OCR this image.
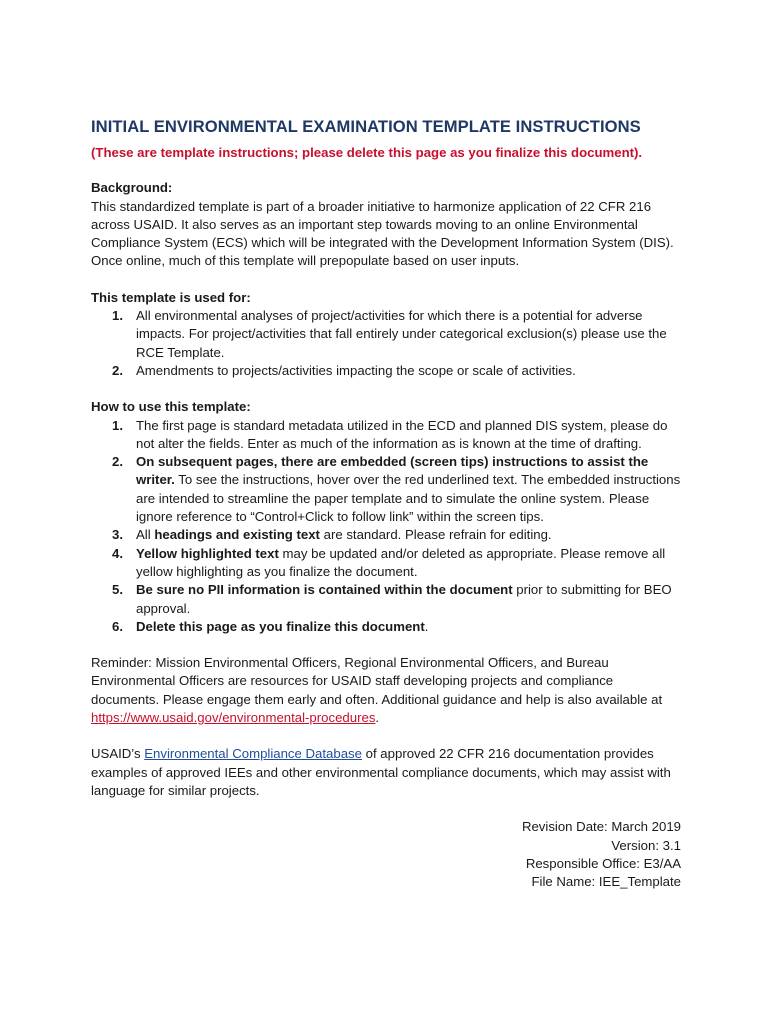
INITIAL ENVIRONMENTAL EXAMINATION TEMPLATE INSTRUCTIONS

(These are template instructions; please delete this page as you finalize this document).

Background:

This standardized template is part of a broader initiative to harmonize application of 22 CFR 216 across USAID. It also serves as an important step towards moving to an online Environmental Compliance System (ECS) which will be integrated with the Development Information System (DIS). Once online, much of this template will prepopulate based on user inputs.

This template is used for:

1. All environmental analyses of project/activities for which there is a potential for adverse impacts. For project/activities that fall entirely under categorical exclusion(s) please use the RCE Template.
2. Amendments to projects/activities impacting the scope or scale of activities.

How to use this template:

1. The first page is standard metadata utilized in the ECD and planned DIS system, please do not alter the fields. Enter as much of the information as is known at the time of drafting.
2. On subsequent pages, there are embedded (screen tips) instructions to assist the writer. To see the instructions, hover over the red underlined text. The embedded instructions are intended to streamline the paper template and to simulate the online system. Please ignore reference to “Control+Click to follow link” within the screen tips.
3. All headings and existing text are standard. Please refrain for editing.
4. Yellow highlighted text may be updated and/or deleted as appropriate. Please remove all yellow highlighting as you finalize the document.
5. Be sure no PII information is contained within the document prior to submitting for BEO approval.
6. Delete this page as you finalize this document.

Reminder: Mission Environmental Officers, Regional Environmental Officers, and Bureau Environmental Officers are resources for USAID staff developing projects and compliance documents. Please engage them early and often. Additional guidance and help is also available at https://www.usaid.gov/environmental-procedures.

USAID’s Environmental Compliance Database of approved 22 CFR 216 documentation provides examples of approved IEEs and other environmental compliance documents, which may assist with language for similar projects.

Revision Date: March 2019
Version: 3.1
Responsible Office: E3/AA
File Name: IEE_Template
